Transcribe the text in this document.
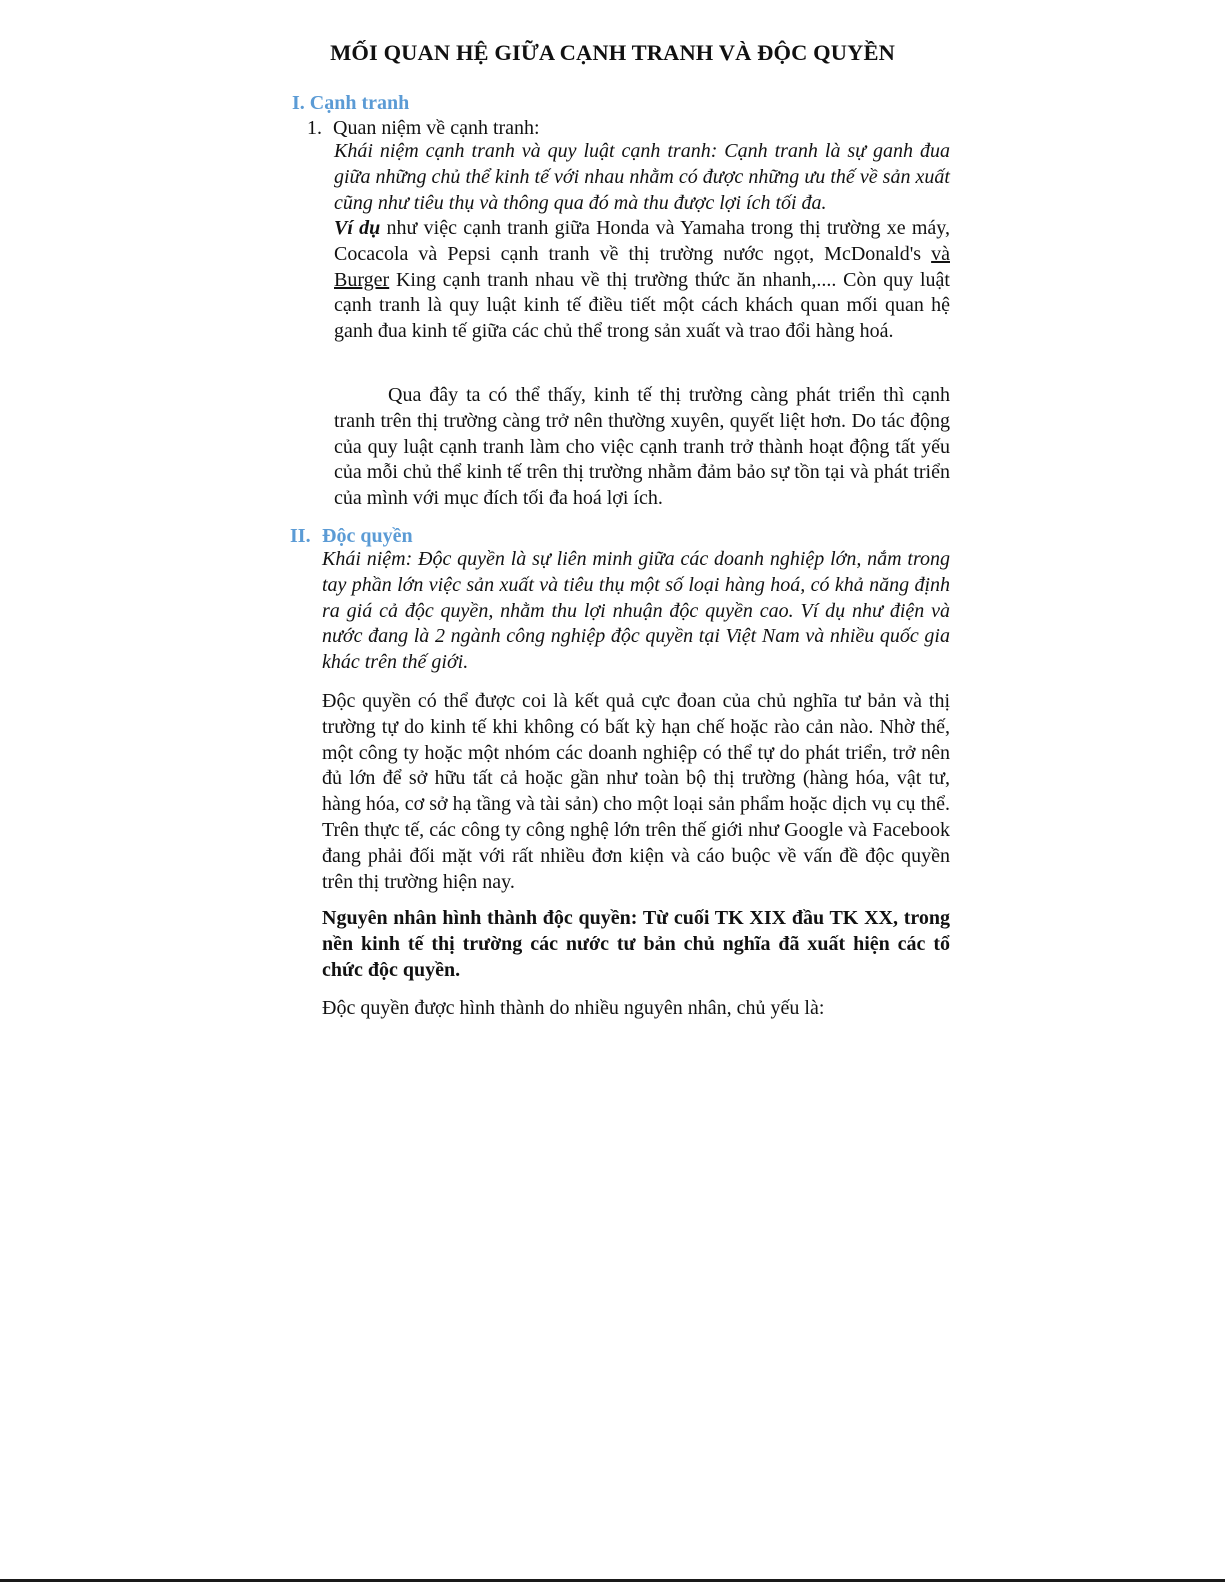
MỐI QUAN HỆ GIỮA CẠNH TRANH VÀ ĐỘC QUYỀN
I. Cạnh tranh
1. Quan niệm về cạnh tranh:

Khái niệm cạnh tranh và quy luật cạnh tranh: Cạnh tranh là sự ganh đua giữa những chủ thể kinh tế với nhau nhằm có được những ưu thế về sản xuất cũng như tiêu thụ và thông qua đó mà thu được lợi ích tối đa.

Ví dụ như việc cạnh tranh giữa Honda và Yamaha trong thị trường xe máy, Cocacola và Pepsi cạnh tranh về thị trường nước ngọt, McDonald's và Burger King cạnh tranh nhau về thị trường thức ăn nhanh,.... Còn quy luật cạnh tranh là quy luật kinh tế điều tiết một cách khách quan mối quan hệ ganh đua kinh tế giữa các chủ thể trong sản xuất và trao đổi hàng hoá.

Qua đây ta có thể thấy, kinh tế thị trường càng phát triển thì cạnh tranh trên thị trường càng trở nên thường xuyên, quyết liệt hơn. Do tác động của quy luật cạnh tranh làm cho việc cạnh tranh trở thành hoạt động tất yếu của mỗi chủ thể kinh tế trên thị trường nhằm đảm bảo sự tồn tại và phát triển của mình với mục đích tối đa hoá lợi ích.

II. Độc quyền

Khái niệm: Độc quyền là sự liên minh giữa các doanh nghiệp lớn, nắm trong tay phần lớn việc sản xuất và tiêu thụ một số loại hàng hoá, có khả năng định ra giá cả độc quyền, nhằm thu lợi nhuận độc quyền cao. Ví dụ như điện và nước đang là 2 ngành công nghiệp độc quyền tại Việt Nam và nhiều quốc gia khác trên thế giới.

Độc quyền có thể được coi là kết quả cực đoan của chủ nghĩa tư bản và thị trường tự do kinh tế khi không có bất kỳ hạn chế hoặc rào cản nào. Nhờ thế, một công ty hoặc một nhóm các doanh nghiệp có thể tự do phát triển, trở nên đủ lớn để sở hữu tất cả hoặc gần như toàn bộ thị trường (hàng hóa, vật tư, hàng hóa, cơ sở hạ tầng và tài sản) cho một loại sản phẩm hoặc dịch vụ cụ thể. Trên thực tế, các công ty công nghệ lớn trên thế giới như Google và Facebook đang phải đối mặt với rất nhiều đơn kiện và cáo buộc về vấn đề độc quyền trên thị trường hiện nay.

Nguyên nhân hình thành độc quyền: Từ cuối TK XIX đầu TK XX, trong nền kinh tế thị trường các nước tư bản chủ nghĩa đã xuất hiện các tổ chức độc quyền.

Độc quyền được hình thành do nhiều nguyên nhân, chủ yếu là:
